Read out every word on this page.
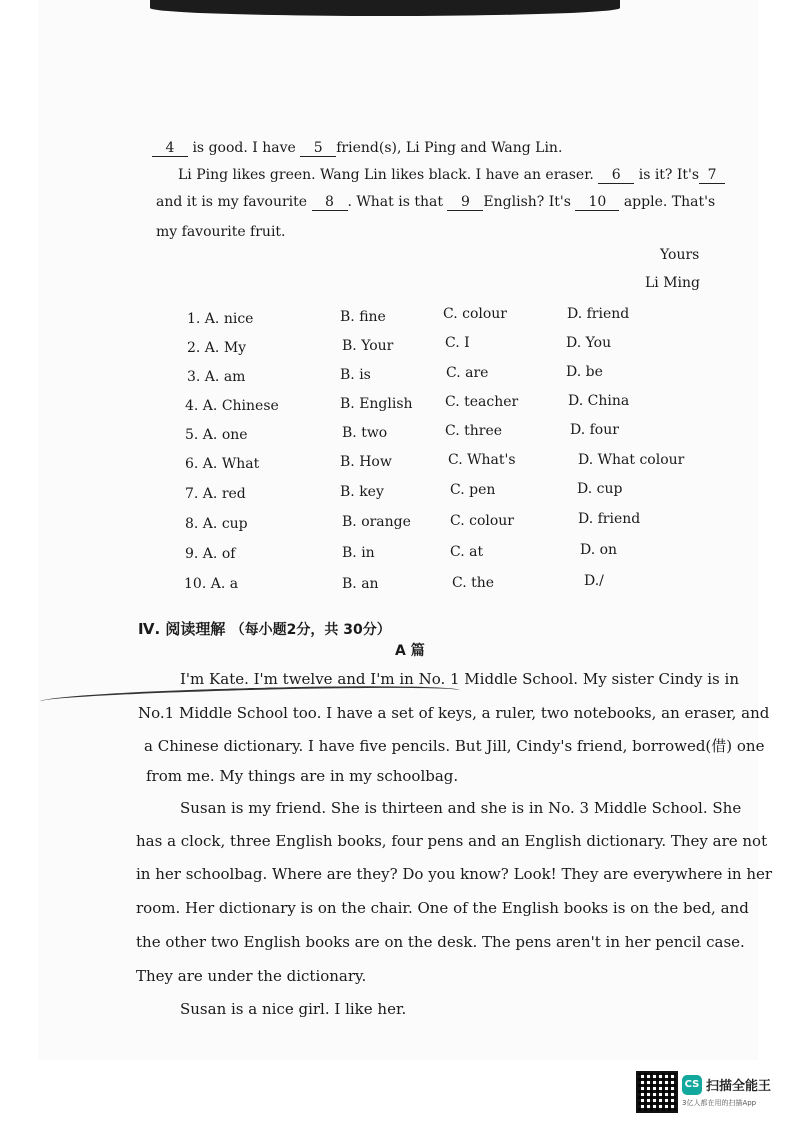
4 is good. I have 5 friend(s), Li Ping and Wang Lin.
Li Ping likes green. Wang Lin likes black. I have an eraser. 6 is it? It's 7
and it is my favourite 8 . What is that 9 English? It's 10 apple. That's
my favourite fruit.
Yours
Li Ming
1. A. nice	B. fine	C. colour	D. friend
2. A. My	B. Your	C. I	D. You
3. A. am	B. is	C. are	D. be
4. A. Chinese	B. English C. teacher	D. China
5. A. one	B. two	C. three	D. four
6. A. What	B. How	C. What's	D. What colour
7. A. red	B. key	C. pen	D. cup
8. A. cup	B. orange	C. colour	D. friend
9. A. of	B. in	C. at	D. on
10. A. a	B. an	C. the	D./
Ⅳ. 阅读理解 （每小题2分，共 30分）
A 篇
I'm Kate. I'm twelve and I'm in No. 1 Middle School. My sister Cindy is in
No.1 Middle School too. I have a set of keys, a ruler, two notebooks, an eraser, and
a Chinese dictionary. I have five pencils. But Jill, Cindy's friend, borrowed(借) one
from me. My things are in my schoolbag.
Susan is my friend. She is thirteen and she is in No. 3 Middle School. She
has a clock, three English books, four pens and an English dictionary. They are not
in her schoolbag. Where are they? Do you know? Look! They are everywhere in her
room. Her dictionary is on the chair. One of the English books is on the bed, and
the other two English books are on the desk. The pens aren't in her pencil case.
They are under the dictionary.
Susan is a nice girl. I like her.
CS 扫描全能王
3亿人都在用的扫描App
